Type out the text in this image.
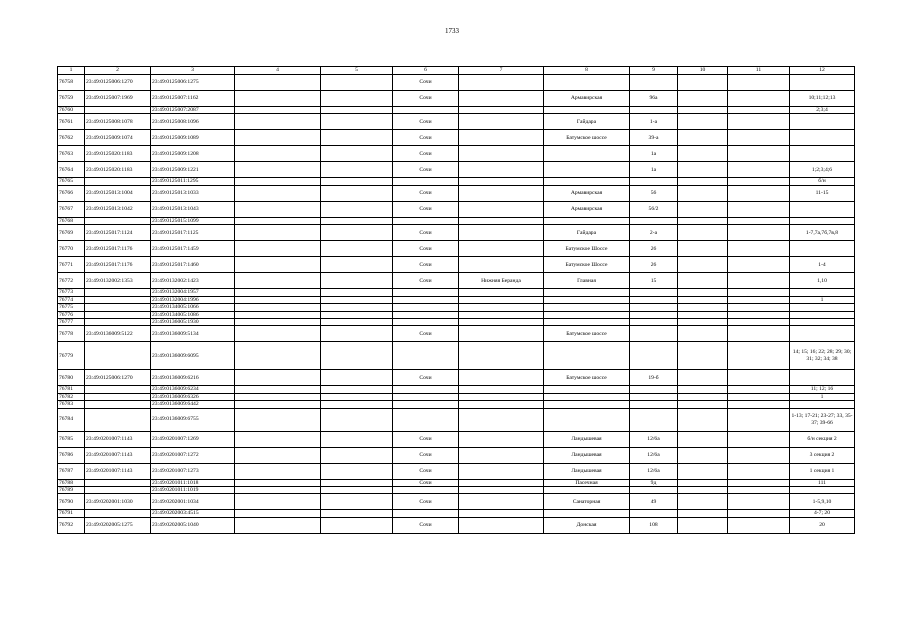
1733
1	2	3	4	5	6	7	8	9	10	11	12
76758	23:49:0125006:1270	23:49:0125006:1275			Сочи						
76759	23:49:0125007:1969	23:49:0125007:1162			Сочи		Армавирская	96а			10;11;12;13
76760		23:49:0125007:2087									2;3;4
76761	23:49:0125008:1078	23:49:0125008:1096			Сочи		Гайдара	1-а			
76762	23:49:0125009:1074	23:49:0125009:1089			Сочи		Батумское шоссе	39-а			
76763	23:49:0125020:1183	23:49:0125009:1208			Сочи			1а			
76764	23:49:0125020:1183	23:49:0125009:1221			Сочи			1а			1;2;3;4;6
76765		23:49:0125011:1295									б/н
76766	23:49:0125013:1004	23:49:0125013:1033			Сочи		Армавирская	56			11-15
76767	23:49:0125013:1042	23:49:0125013:1043			Сочи		Армавирская	56/2			
76768		23:49:0125015:1099									
76769	23:49:0125017:1124	23:49:0125017:1125			Сочи		Гайдара	2-а			1-7,7а,7б,7в,8
76770	23:49:0125017:1176	23:49:0125017:1459			Сочи		Батумское Шоссе	26			
76771	23:49:0125017:1176	23:49:0125017:1460			Сочи		Батумское Шоссе	26			1-4
76772	23:49:0132002:1353	23:49:0132002:1423			Сочи	Нижняя Беранда	Главная	15			1,10
76773		23:49:0132004:1957									
76774		23:49:0132004:1996									1
76775		23:49:0134005:1066									
76776		23:49:0134005:1086									
76777		23:49:0136005:1930									
76778	23:49:0136009:5122	23:49:0136009:5134			Сочи		Батумское шоссе				
76779		23:49:0136009:6095									14; 15; 16; 22; 28; 29; 30; 31; 32; 34; 38
76780	23:49:0125006:1270	23:49:0136009:6216			Сочи		Батумское шоссе	19-б			
76781		23:49:0136009:6234									11; 12; 16
76782		23:49:0136009:6326									1
76783		23:49:0136009:6442									
76784		23:49:0136009:6755									1-13; 17-21; 23-27; 33, 35-37; 39-66
76785	23:49:0201007:1143	23:49:0201007:1269			Сочи		Ландышевая	12/6а			б/н секция 2
76786	23:49:0201007:1143	23:49:0201007:1272			Сочи		Ландышевая	12/6а			3 секция 2
76787	23:49:0201007:1143	23:49:0201007:1273			Сочи		Ландышевая	12/6а			1 секция 1
76788		23:49:0201011:1018			Сочи		Пасечная	9д			111
76789		23:49:0201011:1019									
76790	23:49:0202001:1030	23:49:0202001:1034			Сочи		Санаторная	49			1-5,9,10
76791		23:49:0202003:4515									4-7; 20
76792	23:49:0202005:1275	23:49:0202005:1040			Сочи		Донская	108			20
